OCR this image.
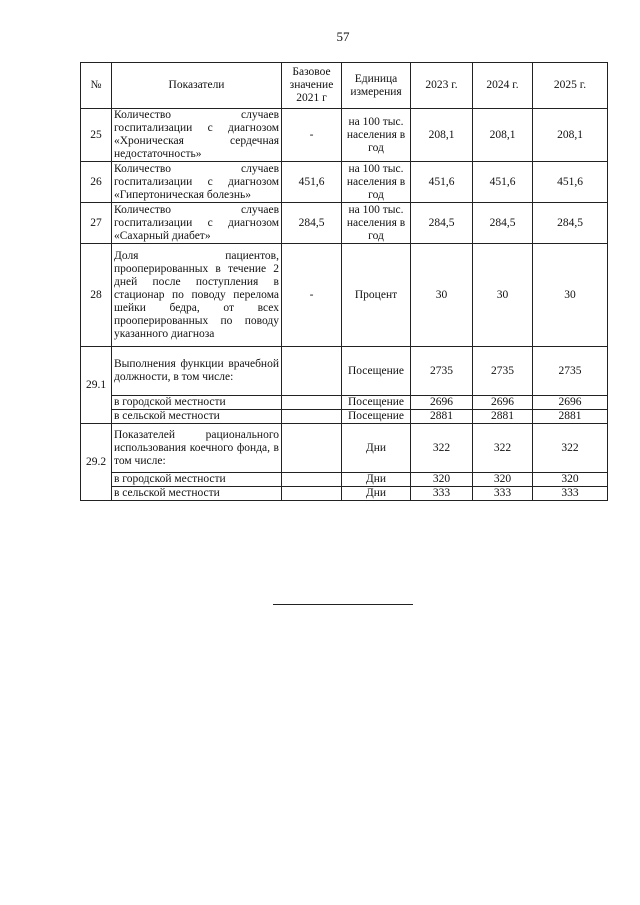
57
№	Показатели	Базовое значение 2021 г	Единица измерения	2023 г.	2024 г.	2025 г.
25	Количество случаев госпитализации с диагнозом «Хроническая сердечная недостаточность»	-	на 100 тыс. населения в год	208,1	208,1	208,1
26	Количество случаев госпитализации с диагнозом «Гипертоническая болезнь»	451,6	на 100 тыс. населения в год	451,6	451,6	451,6
27	Количество случаев госпитализации с диагнозом «Сахарный диабет»	284,5	на 100 тыс. населения в год	284,5	284,5	284,5
28	Доля пациентов, прооперированных в течение 2 дней после поступления в стационар по поводу перелома шейки бедра, от всех прооперированных по поводу указанного диагноза	-	Процент	30	30	30
29.1	Выполнения функции врачебной должности, в том числе:		Посещение	2735	2735	2735
	в городской местности		Посещение	2696	2696	2696
	в сельской местности		Посещение	2881	2881	2881
29.2	Показателей рационального использования коечного фонда, в том числе:		Дни	322	322	322
	в городской местности		Дни	320	320	320
	в сельской местности		Дни	333	333	333
